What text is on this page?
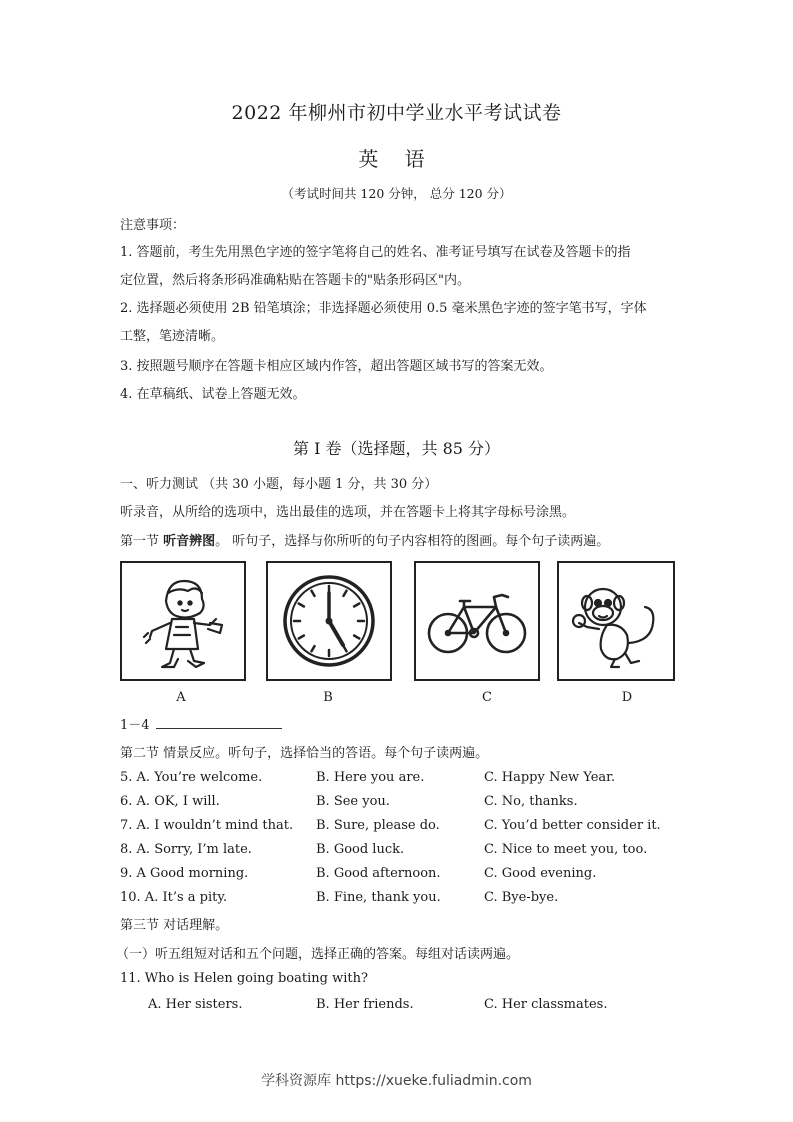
2022 年柳州市初中学业水平考试试卷
英 语
（考试时间共 120 分钟， 总分 120 分）
注意事项：
1. 答题前，考生先用黑色字迹的签字笔将自己的姓名、准考证号填写在试卷及答题卡的指
定位置，然后将条形码准确粘贴在答题卡的"贴条形码区"内。
2. 选择题必须使用 2B 铅笔填涂；非选择题必须使用 0.5 毫米黑色字迹的签字笔书写，字体
工整，笔迹清晰。
3. 按照题号顺序在答题卡相应区域内作答，超出答题区域书写的答案无效。
4. 在草稿纸、试卷上答题无效。
第 I 卷（选择题，共 85 分）
一、听力测试 （共 30 小题，每小题 1 分，共 30 分）
听录音，从所给的选项中，选出最佳的选项，并在答题卡上将其字母标号涂黑。
第一节 听音辨图。 听句子，选择与你所听的句子内容相符的图画。每个句子读两遍。
A	B	C	D
1－4
第二节 情景反应。听句子，选择恰当的答语。每个句子读两遍。
5. A. You’re welcome.	B. Here you are.	C. Happy New Year.
6. A. OK, I will.	B. See you.	C. No, thanks.
7. A. I wouldn’t mind that. B. Sure, please do.	C. You’d better consider it.
8. A. Sorry, I’m late.	B. Good luck.	C. Nice to meet you, too.
9. A Good morning.	B. Good afternoon.	C. Good evening.
10. A. It’s a pity.	B. Fine, thank you.	C. Bye-bye.
第三节 对话理解。
（一）听五组短对话和五个问题，选择正确的答案。每组对话读两遍。
11. Who is Helen going boating with?
A. Her sisters.	B. Her friends.	C. Her classmates.
学科资源库 https://xueke.fuliadmin.com
